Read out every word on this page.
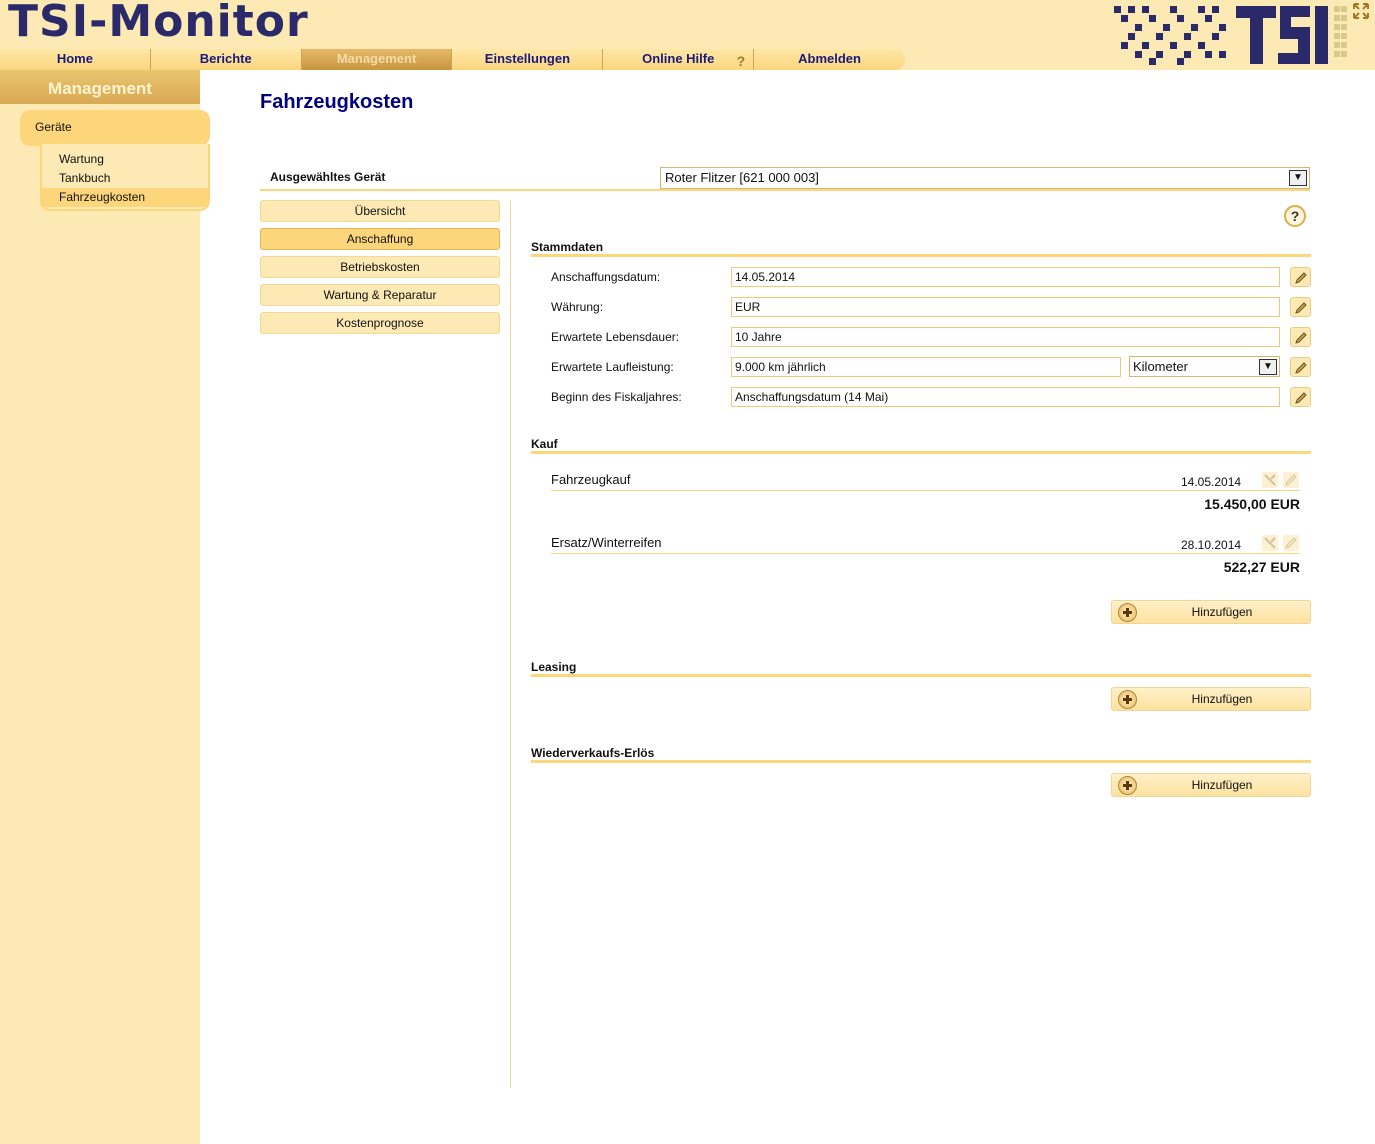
TSI-Monitor
Home	Berichte	Management	Einstellungen	Online Hilfe ?	Abmelden
Management
Wartung
Tankbuch
Fahrzeugkosten
Geräte
Fahrzeugkosten
Ausgewähltes Gerät	Roter Flitzer [621 000 003]	▼
Übersicht
Anschaffung
Betriebskosten
Wartung & Reparatur
Kostenprognose
?
Stammdaten
Anschaffungsdatum:	14.05.2014
Währung:	EUR
Erwartete Lebensdauer:	10 Jahre
Erwartete Laufleistung:	9.000 km jährlich	Kilometer	▼
Beginn des Fiskaljahres:	Anschaffungsdatum (14 Mai)
Kauf
Fahrzeugkauf	14.05.2014
15.450,00 EUR
Ersatz/Winterreifen	28.10.2014
522,27 EUR
Hinzufügen
Leasing
Hinzufügen
Wiederverkaufs-Erlös
Hinzufügen
